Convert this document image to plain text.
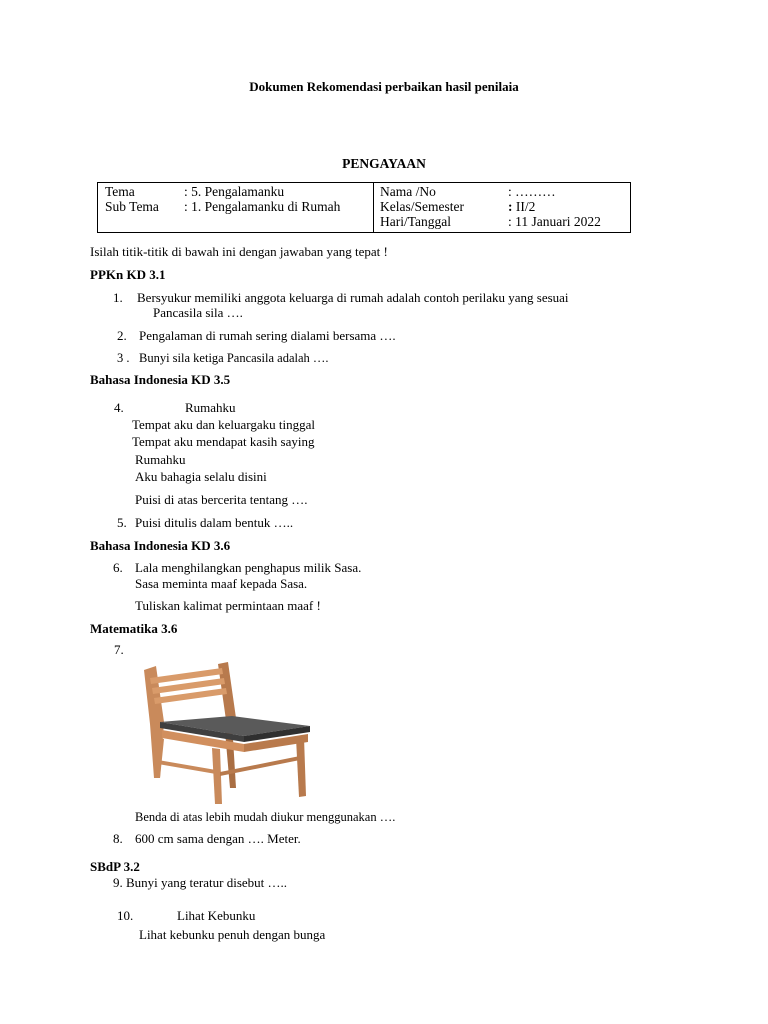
Dokumen Rekomendasi perbaikan hasil penilaia
PENGAYAAN
Tema	: 5. Pengalamanku
Sub Tema : 1. Pengalamanku di Rumah
Nama /No	: ………
Kelas/Semester	: II/2
Hari/Tanggal	: 11 Januari 2022
Isilah titik-titik di bawah ini dengan jawaban yang tepat !
PPKn KD 3.1
1. Bersyukur memiliki anggota keluarga di rumah adalah contoh perilaku yang sesuai
Pancasila sila ….
2. Pengalaman di rumah sering dialami bersama ….
3 . Bunyi sila ketiga Pancasila adalah ….
Bahasa Indonesia KD 3.5
4.	Rumahku
Tempat aku dan keluargaku tinggal
Tempat aku mendapat kasih saying
Rumahku
Aku bahagia selalu disini
Puisi di atas bercerita tentang ….
5. Puisi ditulis dalam bentuk …..
Bahasa Indonesia KD 3.6
6. Lala menghilangkan penghapus milik Sasa.
Sasa meminta maaf kepada Sasa.
Tuliskan kalimat permintaan maaf !
Matematika 3.6
7.
Benda di atas lebih mudah diukur menggunakan ….
8. 600 cm sama dengan …. Meter.
SBdP 3.2
9. Bunyi yang teratur disebut …..
10.	Lihat Kebunku
Lihat kebunku penuh dengan bunga
